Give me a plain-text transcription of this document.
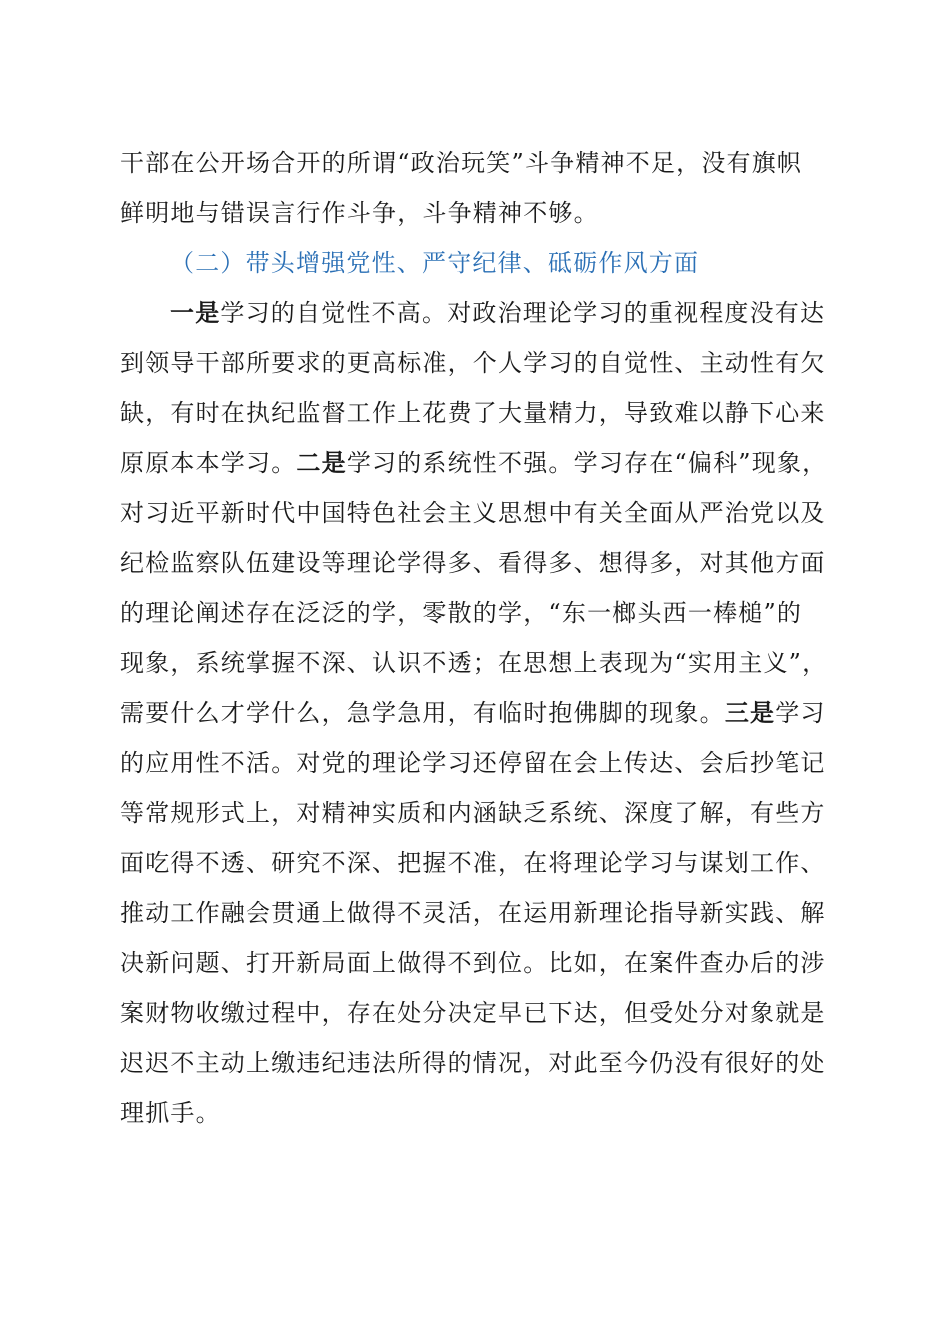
干部在公开场合开的所谓“政治玩笑”斗争精神不足，没有旗帜
鲜明地与错误言行作斗争，斗争精神不够。
（二）带头增强党性、严守纪律、砥砺作风方面
一是学习的自觉性不高。对政治理论学习的重视程度没有达
到领导干部所要求的更高标准，个人学习的自觉性、主动性有欠
缺，有时在执纪监督工作上花费了大量精力，导致难以静下心来
原原本本学习。二是学习的系统性不强。学习存在“偏科”现象，
对习近平新时代中国特色社会主义思想中有关全面从严治党以及
纪检监察队伍建设等理论学得多、看得多、想得多，对其他方面
的理论阐述存在泛泛的学，零散的学，“东一榔头西一棒槌”的
现象，系统掌握不深、认识不透；在思想上表现为“实用主义”，
需要什么才学什么，急学急用，有临时抱佛脚的现象。三是学习
的应用性不活。对党的理论学习还停留在会上传达、会后抄笔记
等常规形式上，对精神实质和内涵缺乏系统、深度了解，有些方
面吃得不透、研究不深、把握不准，在将理论学习与谋划工作、
推动工作融会贯通上做得不灵活，在运用新理论指导新实践、解
决新问题、打开新局面上做得不到位。比如，在案件查办后的涉
案财物收缴过程中，存在处分决定早已下达，但受处分对象就是
迟迟不主动上缴违纪违法所得的情况，对此至今仍没有很好的处
理抓手。
